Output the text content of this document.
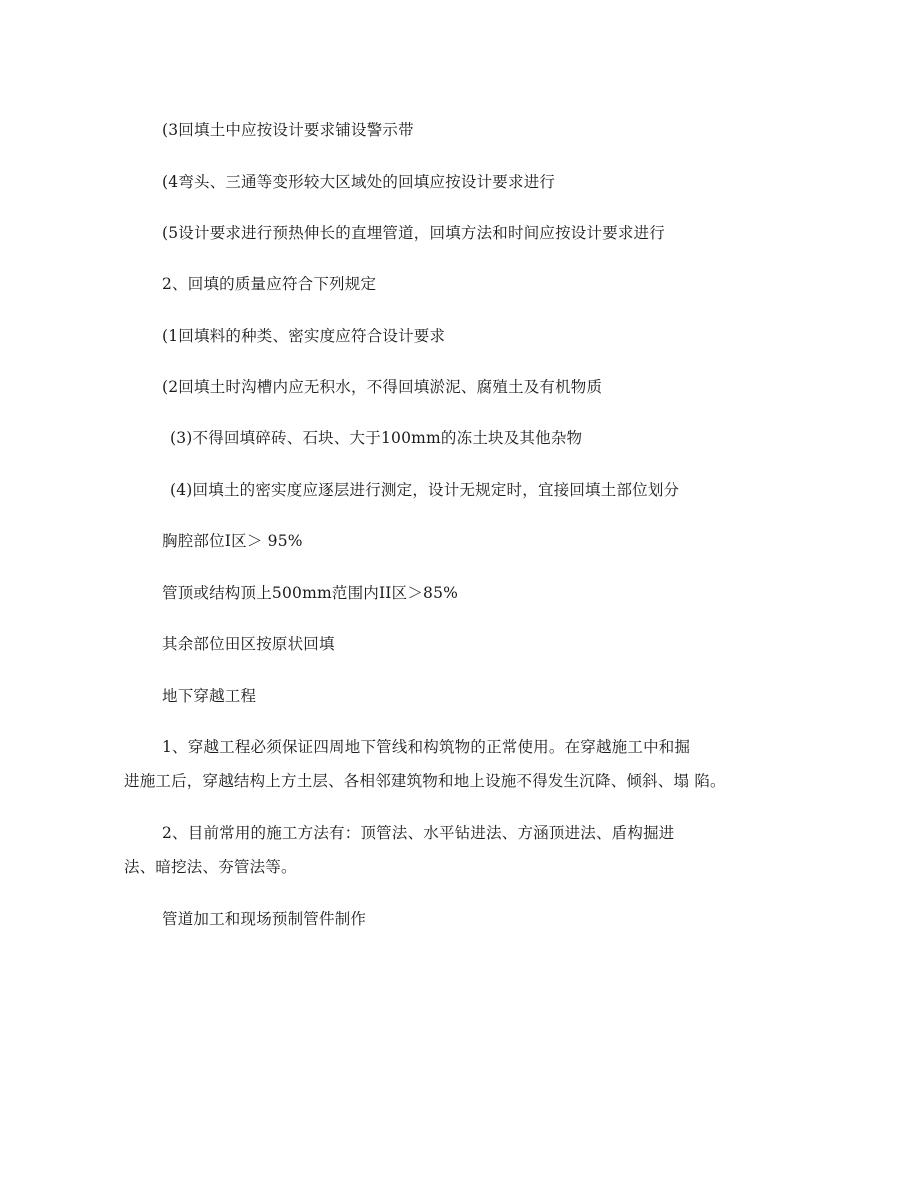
(3回填土中应按设计要求铺设警示带
(4弯头、三通等变形较大区域处的回填应按设计要求进行
(5设计要求进行预热伸长的直埋管道，回填方法和时间应按设计要求进行
2、回填的质量应符合下列规定
(1回填料的种类、密实度应符合设计要求
(2回填土时沟槽内应无积水，不得回填淤泥、腐殖土及有机物质
(3)不得回填碎砖、石块、大于100mm的冻土块及其他杂物
(4)回填土的密实度应逐层进行测定，设计无规定时，宜接回填土部位划分
胸腔部位I区＞ 95%
管顶或结构顶上500mm范围内II区＞85%
其余部位田区按原状回填
地下穿越工程
1、穿越工程必须保证四周地下管线和构筑物的正常使用。在穿越施工中和掘
进施工后，穿越结构上方土层、各相邻建筑物和地上设施不得发生沉降、倾斜、塌 陷。
2、目前常用的施工方法有：顶管法、水平钻进法、方涵顶进法、盾构掘进
法、暗挖法、夯管法等。
管道加工和现场预制管件制作
